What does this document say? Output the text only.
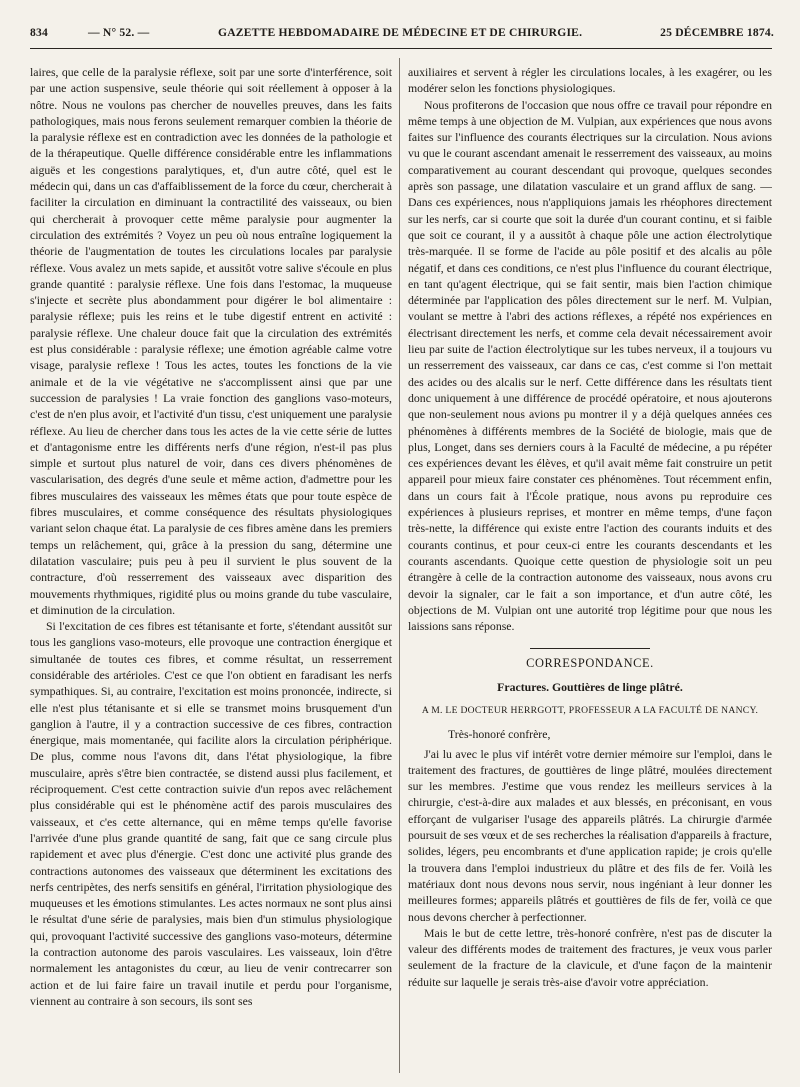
834	— N° 52. —	GAZETTE HEBDOMADAIRE DE MÉDECINE ET DE CHIRURGIE.	25 DÉCEMBRE 1874.

laires, que celle de la paralysie réflexe, soit par une sorte d'interférence, soit par une action suspensive, seule théorie qui soit réellement à opposer à la nôtre. Nous ne voulons pas chercher de nouvelles preuves, dans les faits pathologiques, mais nous ferons seulement remarquer combien la théorie de la paralysie réflexe est en contradiction avec les données de la pathologie et de la thérapeutique. Quelle différence considérable entre les inflammations aiguës et les congestions paralytiques, et, d'un autre côté, quel est le médecin qui, dans un cas d'affaiblissement de la force du cœur, chercherait à faciliter la circulation en diminuant la contractilité des vaisseaux, ou bien qui chercherait à provoquer cette même paralysie pour augmenter la circulation des extrémités ? Voyez un peu où nous entraîne logiquement la théorie de l'augmentation de toutes les circulations locales par paralysie réflexe. Vous avalez un mets sapide, et aussitôt votre salive s'écoule en plus grande quantité : paralysie réflexe. Une fois dans l'estomac, la muqueuse s'injecte et secrète plus abondamment pour digérer le bol alimentaire : paralysie réflexe; puis les reins et le tube digestif entrent en activité : paralysie réflexe. Une chaleur douce fait que la circulation des extrémités est plus considérable : paralysie réflexe; une émotion agréable calme votre visage, paralysie reflexe ! Tous les actes, toutes les fonctions de la vie animale et de la vie végétative ne s'accomplissent ainsi que par une succession de paralysies ! La vraie fonction des ganglions vaso-moteurs, c'est de n'en plus avoir, et l'activité d'un tissu, c'est uniquement une paralysie réflexe. Au lieu de chercher dans tous les actes de la vie cette série de luttes et d'antagonisme entre les différents nerfs d'une région, n'est-il pas plus simple et surtout plus naturel de voir, dans ces divers phénomènes de vascularisation, des degrés d'une seule et même action, d'admettre pour les fibres musculaires des vaisseaux les mêmes états que pour toute espèce de fibres musculaires, et comme conséquence des résultats physiologiques variant selon chaque état. La paralysie de ces fibres amène dans les premiers temps un relâchement, qui, grâce à la pression du sang, détermine une dilatation vasculaire; puis peu à peu il survient le plus souvent de la contracture, d'où resserrement des vaisseaux avec disparition des mouvements rhythmiques, rigidité plus ou moins grande du tube vasculaire, et diminution de la circulation.

Si l'excitation de ces fibres est tétanisante et forte, s'étendant aussitôt sur tous les ganglions vaso-moteurs, elle provoque une contraction énergique et simultanée de toutes ces fibres, et comme résultat, un resserrement considérable des artérioles. C'est ce que l'on obtient en faradisant les nerfs sympathiques. Si, au contraire, l'excitation est moins prononcée, indirecte, si elle n'est plus tétanisante et si elle se transmet moins brusquement d'un ganglion à l'autre, il y a contraction successive de ces fibres, contraction énergique, mais momentanée, qui facilite alors la circulation périphérique. De plus, comme nous l'avons dit, dans l'état physiologique, la fibre musculaire, après s'être bien contractée, se distend aussi plus facilement, et réciproquement. C'est cette contraction suivie d'un repos avec relâchement plus considérable qui est le phénomène actif des parois musculaires des vaisseaux, et c'es cette alternance, qui en même temps qu'elle favorise l'arrivée d'une plus grande quantité de sang, fait que ce sang circule plus rapidement et avec plus d'énergie. C'est donc une activité plus grande des contractions autonomes des vaisseaux que déterminent les excitations des nerfs centripètes, des nerfs sensitifs en général, l'irritation physiologique des muqueuses et les émotions stimulantes. Les actes normaux ne sont plus ainsi le résultat d'une série de paralysies, mais bien d'un stimulus physiologique qui, provoquant l'activité successive des ganglions vaso-moteurs, détermine la contraction autonome des parois vasculaires. Les vaisseaux, loin d'être normalement les antagonistes du cœur, au lieu de venir contrecarrer son action et de lui faire faire un travail inutile et perdu pour l'organisme, viennent au contraire à son secours, ils sont ses

auxiliaires et servent à régler les circulations locales, à les exagérer, ou les modérer selon les fonctions physiologiques.

Nous profiterons de l'occasion que nous offre ce travail pour répondre en même temps à une objection de M. Vulpian, aux expériences que nous avons faites sur l'influence des courants électriques sur la circulation. Nous avions vu que le courant ascendant amenait le resserrement des vaisseaux, au moins comparativement au courant descendant qui provoque, quelques secondes après son passage, une dilatation vasculaire et un grand afflux de sang. — Dans ces expériences, nous n'appliquions jamais les rhéophores directement sur les nerfs, car si courte que soit la durée d'un courant continu, et si faible que soit ce courant, il y a aussitôt à chaque pôle une action électrolytique très-marquée. Il se forme de l'acide au pôle positif et des alcalis au pôle négatif, et dans ces conditions, ce n'est plus l'influence du courant électrique, en tant qu'agent électrique, qui se fait sentir, mais bien l'action chimique déterminée par l'application des pôles directement sur le nerf. M. Vulpian, voulant se mettre à l'abri des actions réflexes, a répété nos expériences en électrisant directement les nerfs, et comme cela devait nécessairement avoir lieu par suite de l'action électrolytique sur les tubes nerveux, il a toujours vu un resserrement des vaisseaux, car dans ce cas, c'est comme si l'on mettait des acides ou des alcalis sur le nerf. Cette différence dans les résultats tient donc uniquement à une différence de procédé opératoire, et nous ajouterons que non-seulement nous avions pu montrer il y a déjà quelques années ces phénomènes à différents membres de la Société de biologie, mais que de plus, Longet, dans ses derniers cours à la Faculté de médecine, a pu répéter ces expériences devant les élèves, et qu'il avait même fait construire un petit appareil pour mieux faire constater ces phénomènes. Tout récemment enfin, dans un cours fait à l'École pratique, nous avons pu reproduire ces expériences à plusieurs reprises, et montrer en même temps, d'une façon très-nette, la différence qui existe entre l'action des courants induits et des courants continus, et pour ceux-ci entre les courants descendants et les courants ascendants. Quoique cette question de physiologie soit un peu étrangère à celle de la contraction autonome des vaisseaux, nous avons cru devoir la signaler, car le fait a son importance, et d'un autre côté, les objections de M. Vulpian ont une autorité trop légitime pour que nous les laissions sans réponse.

CORRESPONDANCE.
Fractures. Gouttières de linge plâtré.
A M. LE DOCTEUR HERRGOTT, PROFESSEUR A LA FACULTÉ DE NANCY.

Très-honoré confrère,

J'ai lu avec le plus vif intérêt votre dernier mémoire sur l'emploi, dans le traitement des fractures, de gouttières de linge plâtré, moulées directement sur les membres. J'estime que vous rendez les meilleurs services à la chirurgie, c'est-à-dire aux malades et aux blessés, en préconisant, en vous efforçant de vulgariser l'usage des appareils plâtrés. La chirurgie d'armée poursuit de ses vœux et de ses recherches la réalisation d'appareils à fracture, solides, légers, peu encombrants et d'une application rapide; je crois qu'elle la trouvera dans l'emploi industrieux du plâtre et des fils de fer. Voilà les matériaux dont nous devons nous servir, nous ingéniant à leur donner les meilleures formes; appareils plâtrés et gouttières de fils de fer, voilà ce que nous devons chercher à perfectionner.

Mais le but de cette lettre, très-honoré confrère, n'est pas de discuter la valeur des différents modes de traitement des fractures, je veux vous parler seulement de la fracture de la clavicule, et d'une façon de la maintenir réduite sur laquelle je serais très-aise d'avoir votre appréciation.
